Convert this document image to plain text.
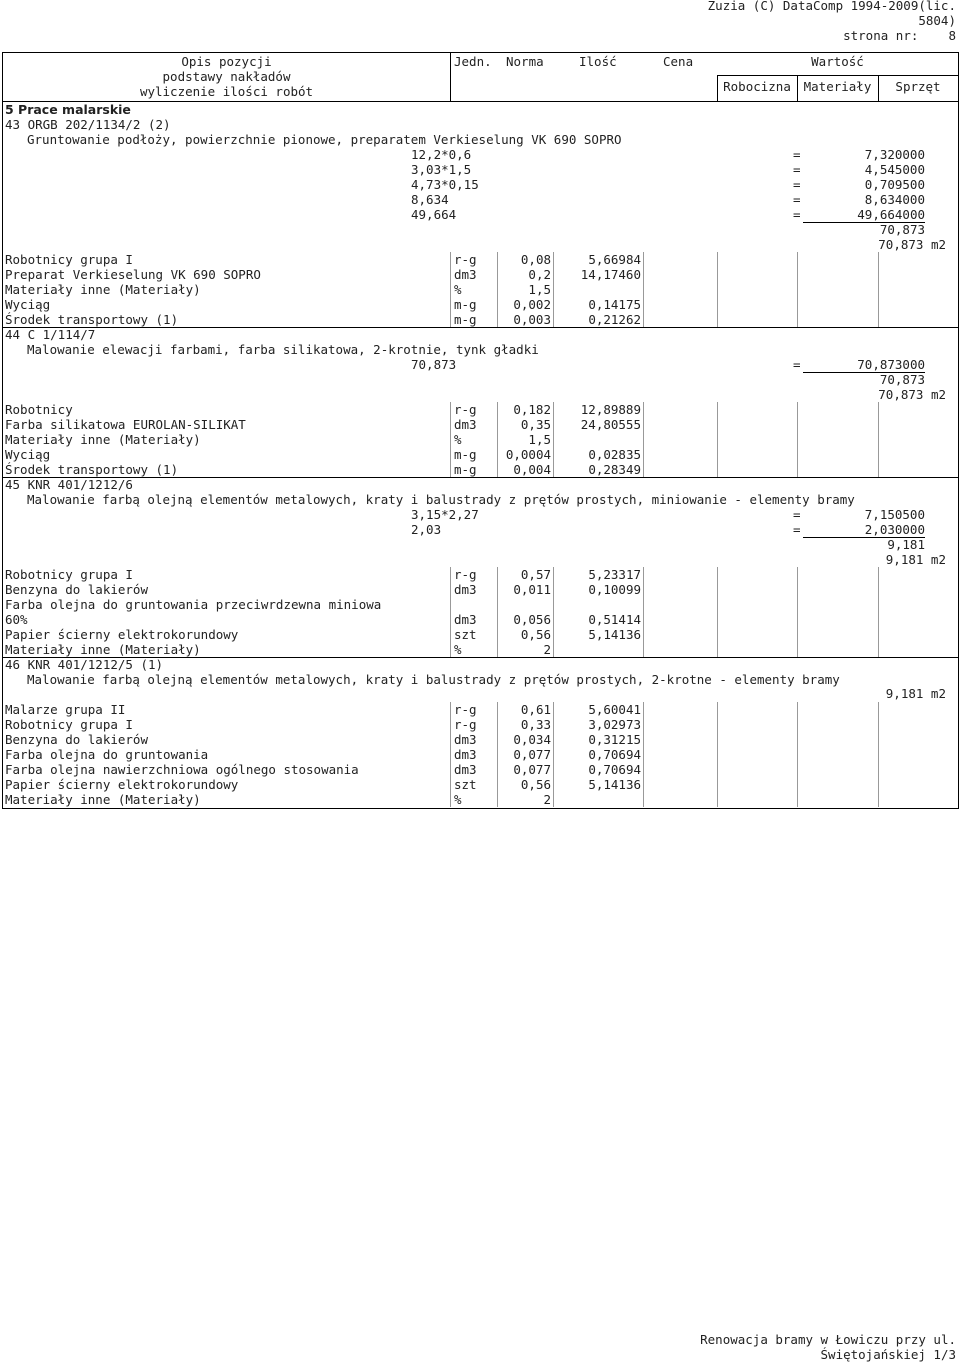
Zuzia (C) DataComp 1994-2009(lic.
5804)
strona nr:    8
Opis pozycji
podstawy nakładów
wyliczenie ilości robót
Jedn. Norma	Ilość	Cena	Wartość
Robocizna	Materiały	Sprzęt
5 Prace malarskie
43 ORGB 202/1134/2 (2)
Gruntowanie podłoży, powierzchnie pionowe, preparatem Verkieselung VK 690 SOPRO
12,2*0,6	=	7,320000
3,03*1,5	=	4,545000
4,73*0,15	=	0,709500
8,634	=	8,634000
49,664	=	49,664000
70,873
70,873 m2
Robotnicy grupa I	r-g	0,08	5,66984
Preparat Verkieselung VK 690 SOPRO	dm3	0,2	14,17460
Materiały inne (Materiały)	%	1,5
Wyciąg	m-g	0,002	0,14175
Środek transportowy (1)	m-g	0,003	0,21262
44 C 1/114/7
Malowanie elewacji farbami, farba silikatowa, 2-krotnie, tynk gładki
70,873	=	70,873000
70,873
70,873 m2
Robotnicy	r-g	0,182	12,89889
Farba silikatowa EUROLAN-SILIKAT	dm3	0,35	24,80555
Materiały inne (Materiały)	%	1,5
Wyciąg	m-g	0,0004	0,02835
Środek transportowy (1)	m-g	0,004	0,28349
45 KNR 401/1212/6
Malowanie farbą olejną elementów metalowych, kraty i balustrady z prętów prostych, miniowanie - elementy bramy
3,15*2,27	=	7,150500
2,03	=	2,030000
9,181
9,181 m2
Robotnicy grupa I	r-g	0,57	5,23317
Benzyna do lakierów	dm3	0,011	0,10099
Farba olejna do gruntowania przeciwrdzewna miniowa
60%	dm3	0,056	0,51414
Papier ścierny elektrokorundowy	szt	0,56	5,14136
Materiały inne (Materiały)	%	2
46 KNR 401/1212/5 (1)
Malowanie farbą olejną elementów metalowych, kraty i balustrady z prętów prostych, 2-krotne - elementy bramy
9,181 m2
Malarze grupa II	r-g	0,61	5,60041
Robotnicy grupa I	r-g	0,33	3,02973
Benzyna do lakierów	dm3	0,034	0,31215
Farba olejna do gruntowania	dm3	0,077	0,70694
Farba olejna nawierzchniowa ogólnego stosowania	dm3	0,077	0,70694
Papier ścierny elektrokorundowy	szt	0,56	5,14136
Materiały inne (Materiały)	%	2
Renowacja bramy w Łowiczu przy ul.
Świętojańskiej 1/3
